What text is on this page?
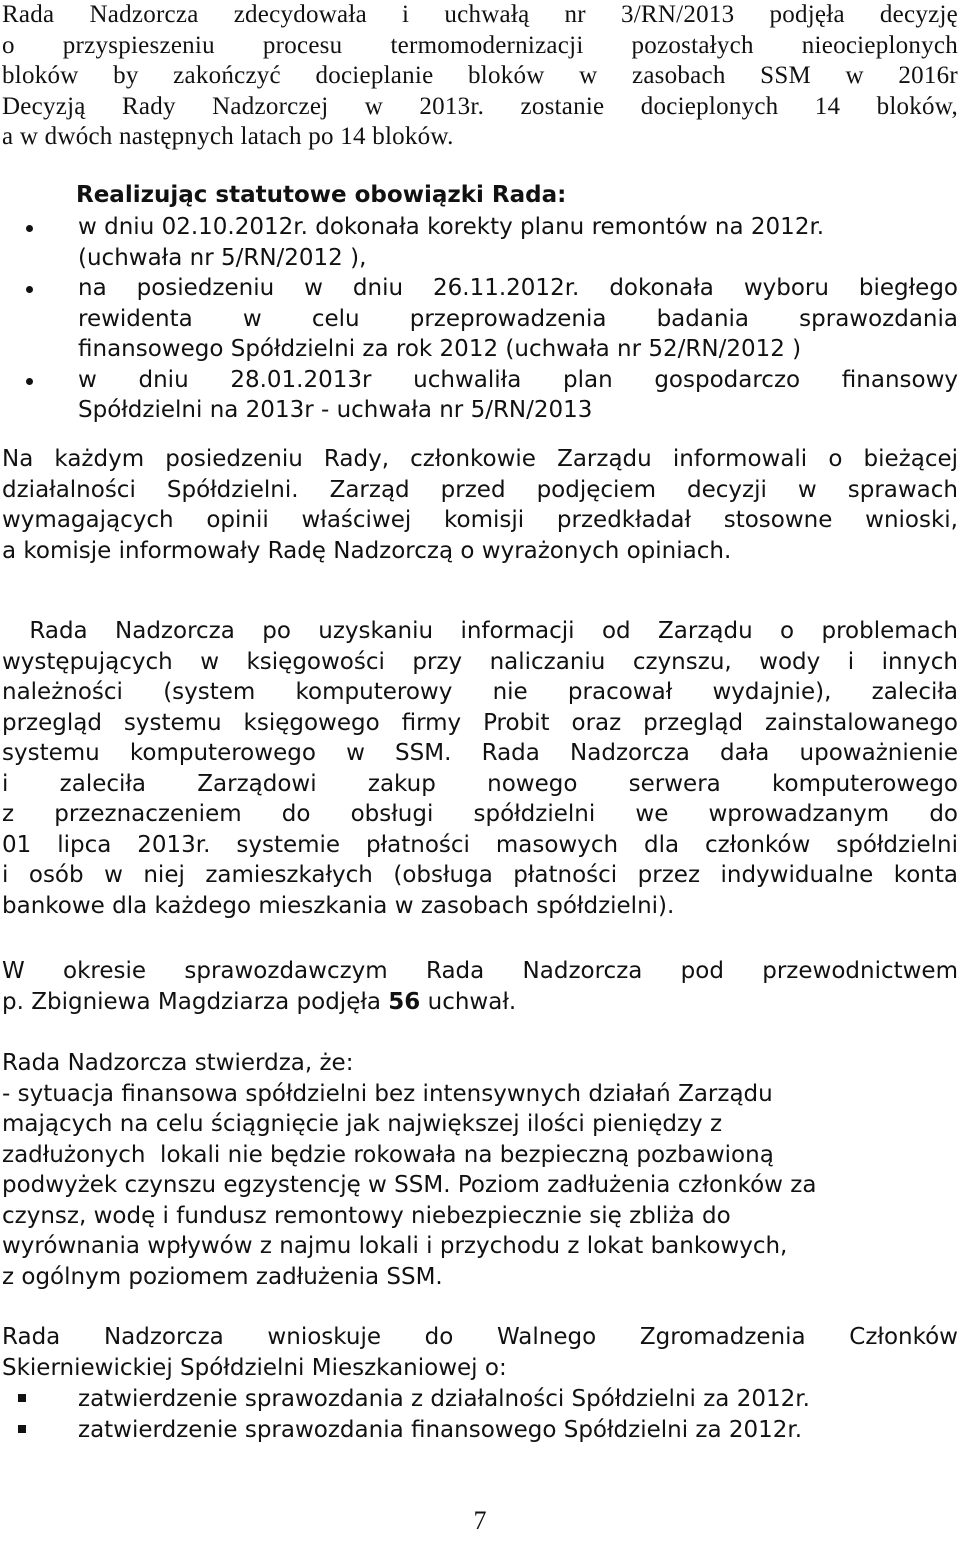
Rada Nadzorcza zdecydowała i uchwałą nr 3/RN/2013 podjęła decyzję
o przyspieszeniu procesu termomodernizacji pozostałych nieocieplonych
bloków by zakończyć docieplanie bloków w zasobach SSM w 2016r
Decyzją Rady Nadzorczej w 2013r. zostanie docieplonych 14 bloków,
a w dwóch następnych latach po 14 bloków.
Realizując statutowe obowiązki Rada:
w dniu 02.10.2012r. dokonała korekty planu remontów na 2012r.
(uchwała nr 5/RN/2012 ),
na posiedzeniu w dniu 26.11.2012r. dokonała wyboru biegłego
rewidenta w celu przeprowadzenia badania sprawozdania
finansowego Spółdzielni za rok 2012 (uchwała nr 52/RN/2012 )
w dniu 28.01.2013r uchwaliła plan gospodarczo finansowy
Spółdzielni na 2013r - uchwała nr 5/RN/2013
Na każdym posiedzeniu Rady, członkowie Zarządu informowali o bieżącej
działalności Spółdzielni. Zarząd przed podjęciem decyzji w sprawach
wymagających opinii właściwej komisji przedkładał stosowne wnioski,
a komisje informowały Radę Nadzorczą o wyrażonych opiniach.
Rada Nadzorcza po uzyskaniu informacji od Zarządu o problemach
występujących w księgowości przy naliczaniu czynszu, wody i innych
należności (system komputerowy nie pracował wydajnie), zaleciła
przegląd systemu księgowego firmy Probit oraz przegląd zainstalowanego
systemu komputerowego w SSM. Rada Nadzorcza dała upoważnienie
i zaleciła Zarządowi zakup nowego serwera komputerowego
z przeznaczeniem do obsługi spółdzielni we wprowadzanym do
01 lipca 2013r. systemie płatności masowych dla członków spółdzielni
i osób w niej zamieszkałych (obsługa płatności przez indywidualne konta
bankowe dla każdego mieszkania w zasobach spółdzielni).
W okresie sprawozdawczym Rada Nadzorcza pod przewodnictwem
p. Zbigniewa Magdziarza podjęła 56 uchwał.
Rada Nadzorcza stwierdza, że:
- sytuacja finansowa spółdzielni bez intensywnych działań Zarządu
mających na celu ściągnięcie jak największej ilości pieniędzy z
zadłużonych  lokali nie będzie rokowała na bezpieczną pozbawioną
podwyżek czynszu egzystencję w SSM. Poziom zadłużenia członków za
czynsz, wodę i fundusz remontowy niebezpiecznie się zbliża do
wyrównania wpływów z najmu lokali i przychodu z lokat bankowych,
z ogólnym poziomem zadłużenia SSM.
Rada Nadzorcza wnioskuje do Walnego Zgromadzenia Członków
Skierniewickiej Spółdzielni Mieszkaniowej o:
zatwierdzenie sprawozdania z działalności Spółdzielni za 2012r.
zatwierdzenie sprawozdania finansowego Spółdzielni za 2012r.
7
